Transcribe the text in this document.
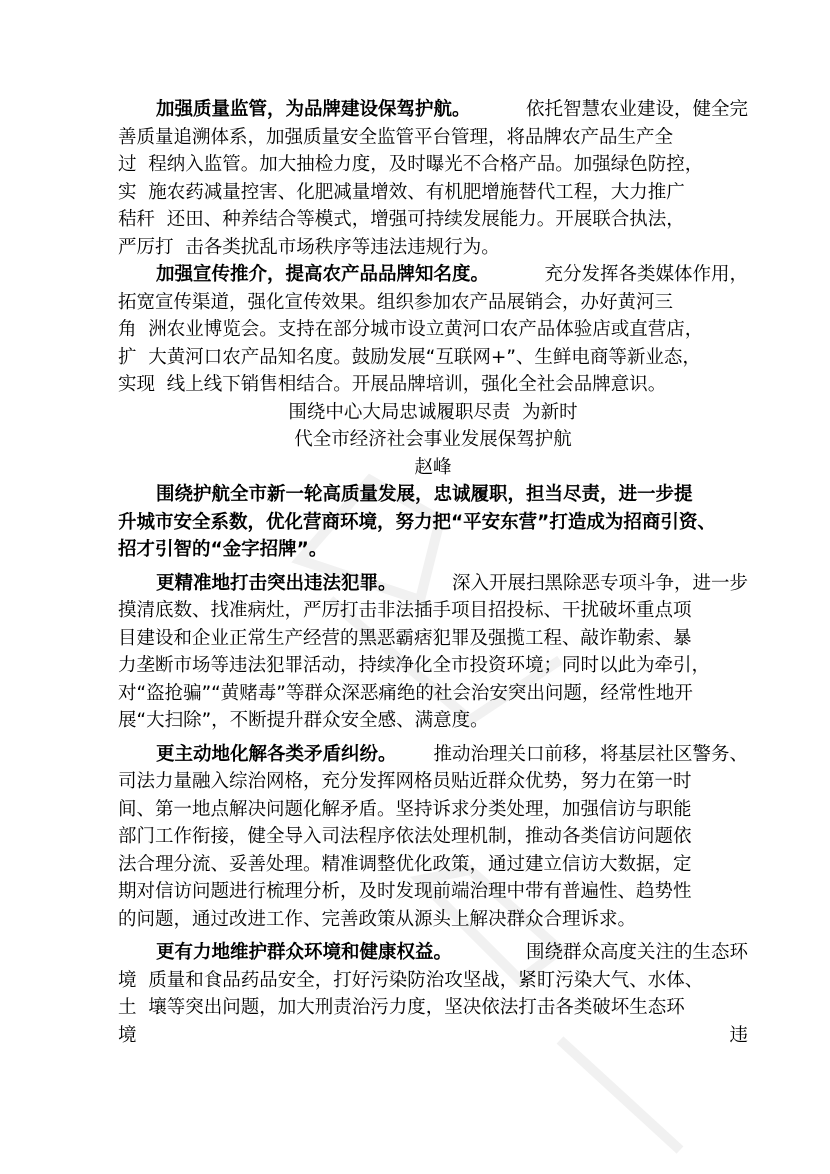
加强质量监管，为品牌建设保驾护航。	依托智慧农业建设，健全完
善质量追溯体系，加强质量安全监管平台管理，将品牌农产品生产全
过  程纳入监管。加大抽检力度，及时曝光不合格产品。加强绿色防控，
实  施农药减量控害、化肥减量增效、有机肥增施替代工程，大力推广
秸秆  还田、种养结合等模式，增强可持续发展能力。开展联合执法，
严厉打  击各类扰乱市场秩序等违法违规行为。
加强宣传推介，提高农产品品牌知名度。	充分发挥各类媒体作用，
拓宽宣传渠道，强化宣传效果。组织参加农产品展销会，办好黄河三
角  洲农业博览会。支持在部分城市设立黄河口农产品体验店或直营店，
扩  大黄河口农产品知名度。鼓励发展“互联网+”、生鲜电商等新业态，
实现  线上线下销售相结合。开展品牌培训，强化全社会品牌意识。
围绕中心大局忠诚履职尽责  为新时
代全市经济社会事业发展保驾护航
赵峰
围绕护航全市新一轮高质量发展，忠诚履职，担当尽责，进一步提
升城市安全系数，优化营商环境，努力把“平安东营”打造成为招商引资、
招才引智的“金字招牌”。
更精准地打击突出违法犯罪。	深入开展扫黑除恶专项斗争，进一步
摸清底数、找准病灶，严厉打击非法插手项目招投标、干扰破坏重点项
目建设和企业正常生产经营的黑恶霸痞犯罪及强揽工程、敲诈勒索、暴
力垄断市场等违法犯罪活动，持续净化全市投资环境；同时以此为牵引，
对“盗抢骗”“黄赌毒”等群众深恶痛绝的社会治安突出问题，经常性地开
展“大扫除”，不断提升群众安全感、满意度。
更主动地化解各类矛盾纠纷。 推动治理关口前移，将基层社区警务、
司法力量融入综治网格，充分发挥网格员贴近群众优势，努力在第一时
间、第一地点解决问题化解矛盾。坚持诉求分类处理，加强信访与职能
部门工作衔接，健全导入司法程序依法处理机制，推动各类信访问题依
法合理分流、妥善处理。精准调整优化政策，通过建立信访大数据，定
期对信访问题进行梳理分析，及时发现前端治理中带有普遍性、趋势性
的问题，通过改进工作、完善政策从源头上解决群众合理诉求。
更有力地维护群众环境和健康权益。	围绕群众高度关注的生态环
境  质量和食品药品安全，打好污染防治攻坚战，紧盯污染大气、水体、
土  壤等突出问题，加大刑责治污力度，坚决依法打击各类破坏生态环
境	违
